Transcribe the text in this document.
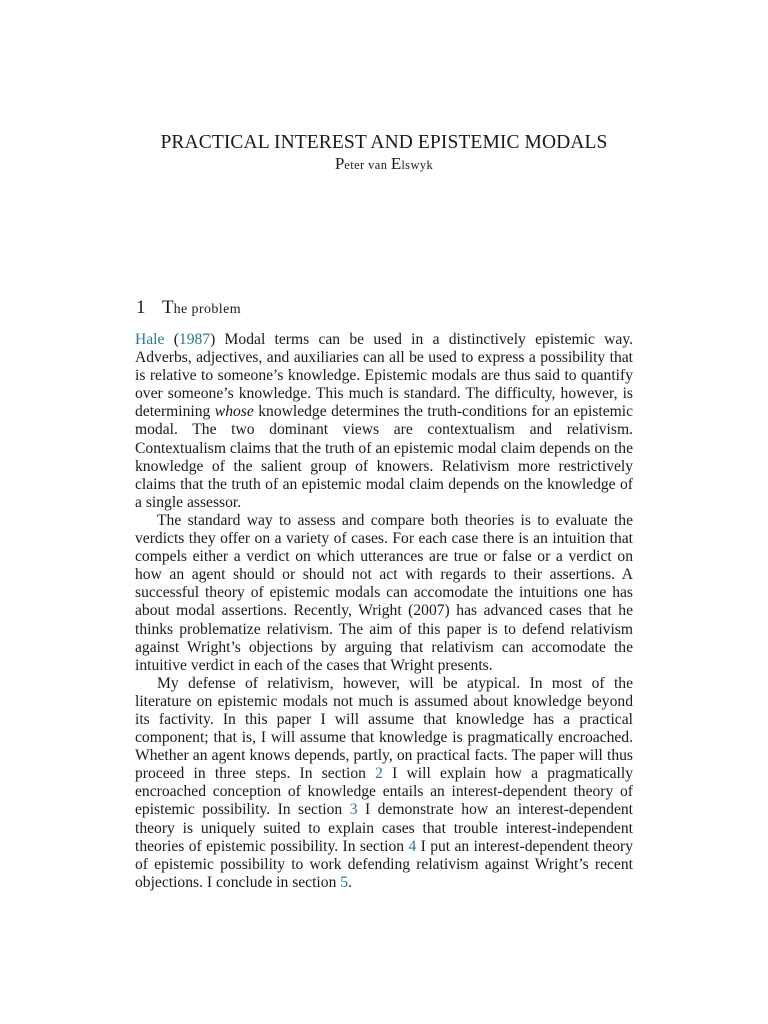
PRACTICAL INTEREST AND EPISTEMIC MODALS
Peter van Elswyk
1 The problem

Hale (1987) Modal terms can be used in a distinctively epistemic way. Adverbs, adjectives, and auxiliaries can all be used to express a possibility that is relative to someone’s knowledge. Epistemic modals are thus said to quantify over someone’s knowledge. This much is standard. The difficulty, however, is determining whose knowledge determines the truth-conditions for an epistemic modal. The two dominant views are contextualism and relativism. Contextualism claims that the truth of an epistemic modal claim depends on the knowledge of the salient group of knowers. Relativism more restrictively claims that the truth of an epistemic modal claim depends on the knowledge of a single assessor.

The standard way to assess and compare both theories is to evaluate the verdicts they offer on a variety of cases. For each case there is an intuition that compels either a verdict on which utterances are true or false or a verdict on how an agent should or should not act with regards to their assertions. A successful theory of epistemic modals can accomodate the intuitions one has about modal assertions. Recently, Wright (2007) has advanced cases that he thinks problematize relativism. The aim of this paper is to defend relativism against Wright’s objections by arguing that relativism can accomodate the intuitive verdict in each of the cases that Wright presents.

My defense of relativism, however, will be atypical. In most of the literature on epistemic modals not much is assumed about knowledge beyond its factivity. In this paper I will assume that knowledge has a practical component; that is, I will assume that knowledge is pragmatically encroached. Whether an agent knows depends, partly, on practical facts. The paper will thus proceed in three steps. In section 2 I will explain how a pragmatically encroached conception of knowledge entails an interest-dependent theory of epistemic possibility. In section 3 I demonstrate how an interest-dependent theory is uniquely suited to explain cases that trouble interest-independent theories of epistemic possibility. In section 4 I put an interest-dependent theory of epistemic possibility to work defending relativism against Wright’s recent objections. I conclude in section 5.
